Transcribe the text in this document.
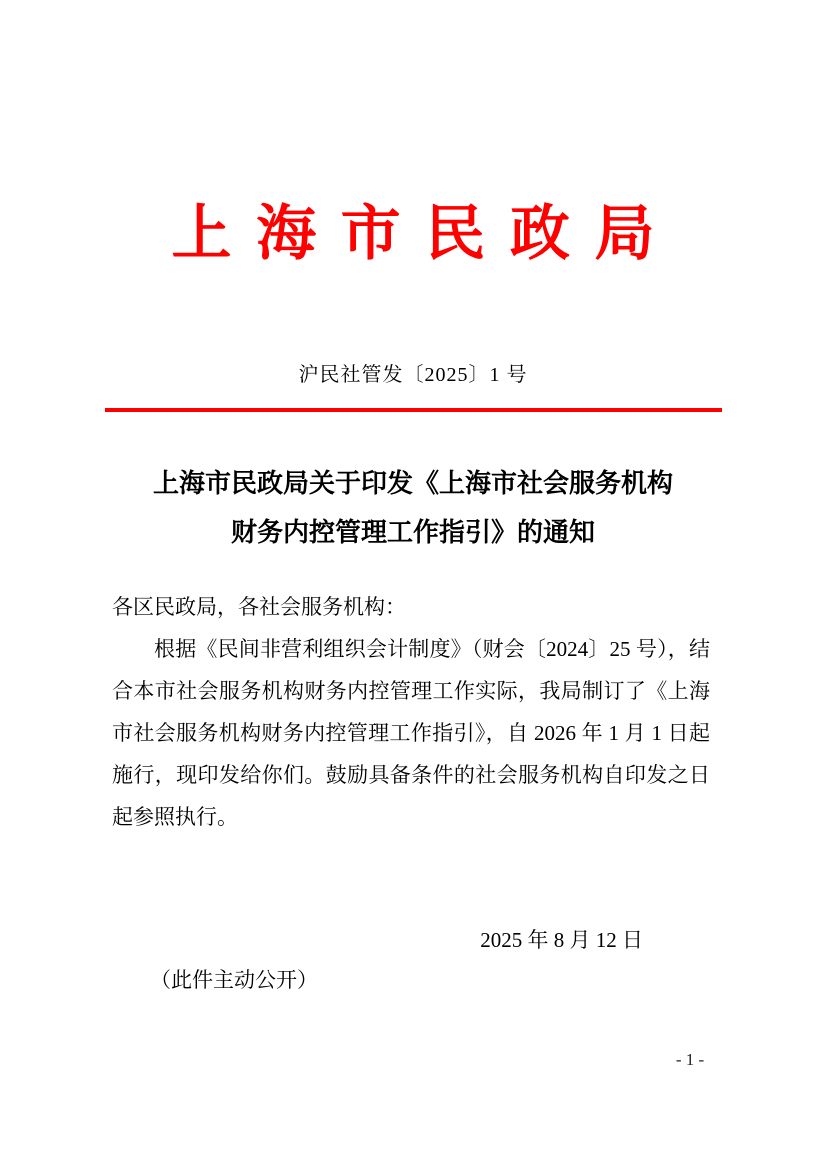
上海市民政局
沪民社管发〔2025〕1 号
上海市民政局关于印发《上海市社会服务机构
财务内控管理工作指引》的通知

各区民政局，各社会服务机构：

根据《民间非营利组织会计制度》（财会〔2024〕25 号），结合本市社会服务机构财务内控管理工作实际，我局制订了《上海市社会服务机构财务内控管理工作指引》，自 2026 年 1 月 1 日起施行，现印发给你们。鼓励具备条件的社会服务机构自印发之日起参照执行。

2025 年 8 月 12 日
（此件主动公开）
- 1 -
